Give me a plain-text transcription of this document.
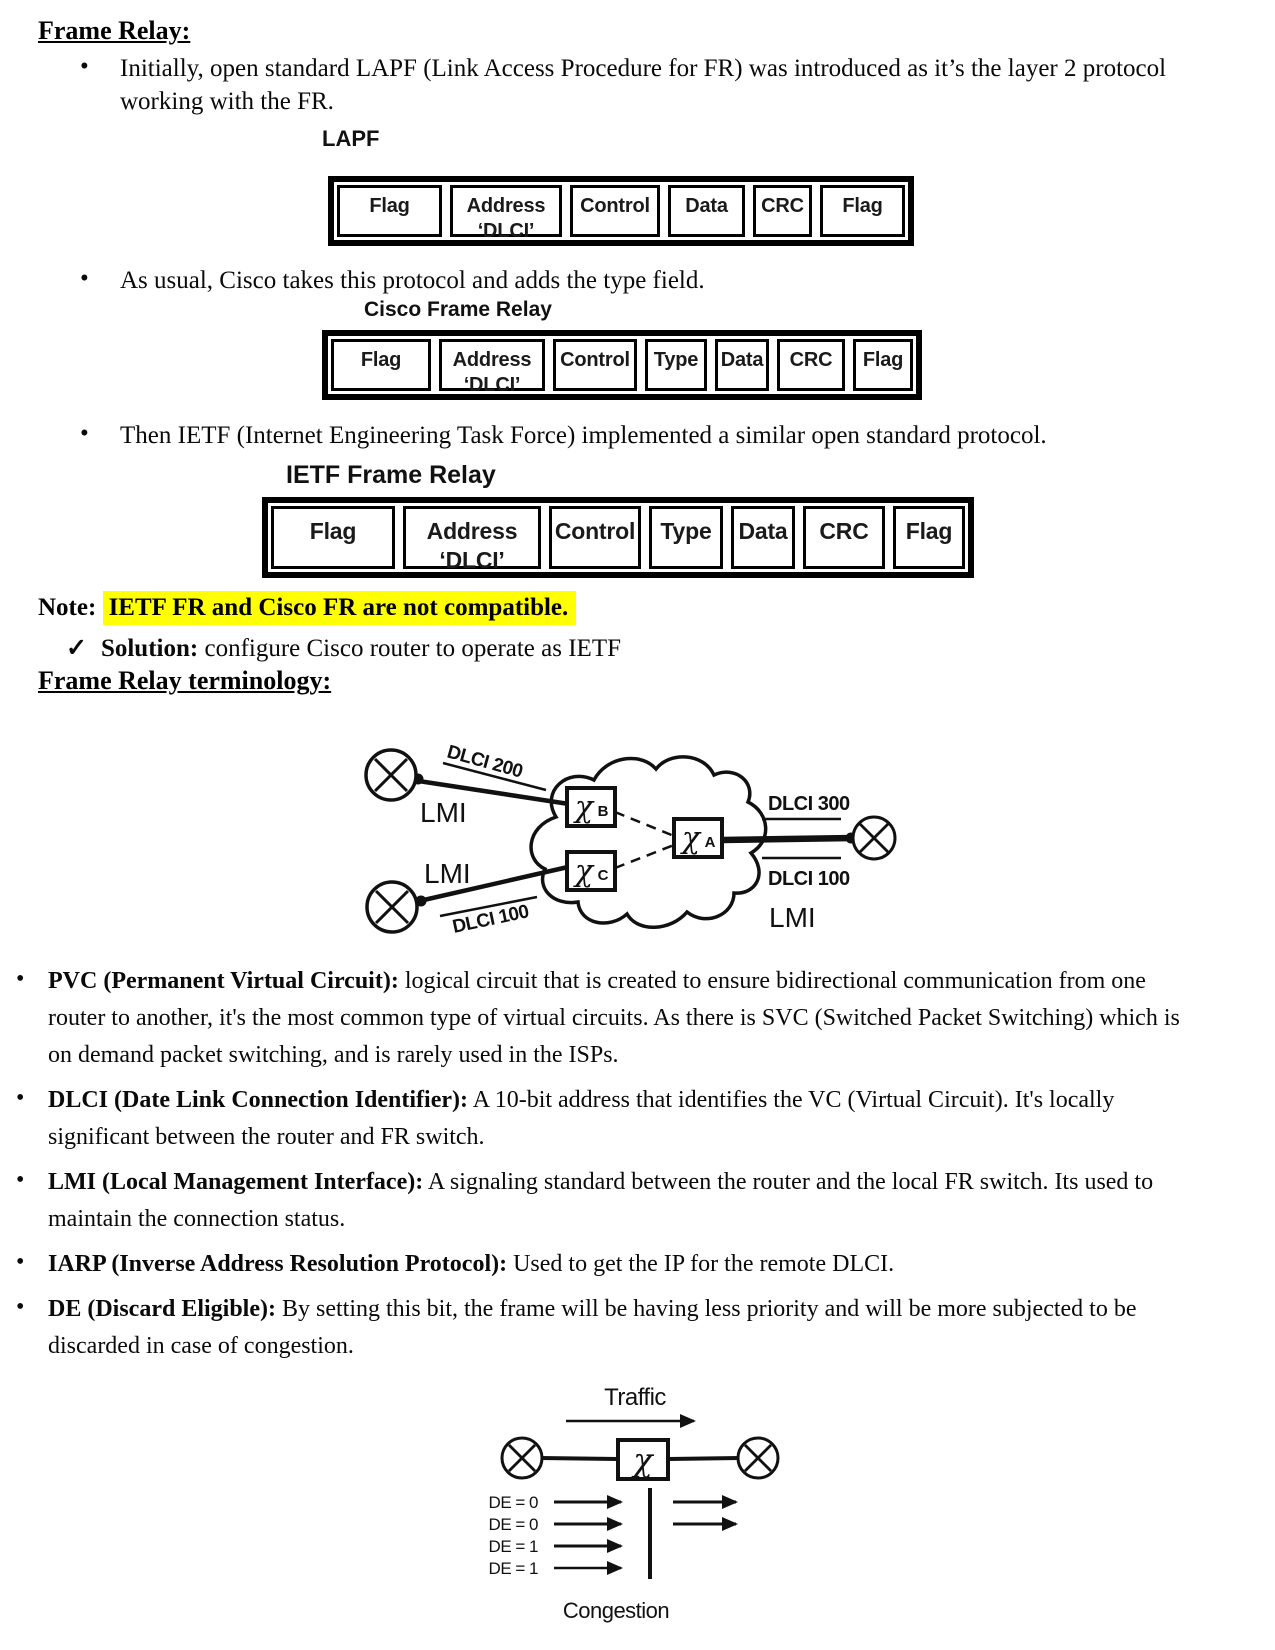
Frame Relay:
•	Initially, open standard LAPF (Link Access Procedure for FR) was introduced as it’s the layer 2 protocol working with the FR.
LAPF
Flag	Address
‘DLCI’
Control Data CRC Flag
•	As usual, Cisco takes this protocol and adds the type field.
Cisco Frame Relay
Flag	Address
‘DLCI’
Control Type Data CRC Flag
•	Then IETF (Internet Engineering Task Force) implemented a similar open standard protocol.
IETF Frame Relay
Flag	Address
‘DLCI’
Control Type Data CRC Flag
Note: IETF FR and Cisco FR are not compatible.
✓ Solution: configure Cisco router to operate as IETF
Frame Relay terminology:
χ B
χ C
χ A
DLCI 200
DLCI 100
LMI
LMI
DLCI 300
DLCI 100
LMI
• PVC (Permanent Virtual Circuit): logical circuit that is created to ensure bidirectional communication from one router to another, it's the most common type of virtual circuits. As there is SVC (Switched Packet Switching) which is on demand packet switching, and is rarely used in the ISPs.
• DLCI (Date Link Connection Identifier): A 10-bit address that identifies the VC (Virtual Circuit). It's locally significant between the router and FR switch.
• LMI (Local Management Interface): A signaling standard between the router and the local FR switch. Its used to maintain the connection status.
• IARP (Inverse Address Resolution Protocol): Used to get the IP for the remote DLCI.
• DE (Discard Eligible): By setting this bit, the frame will be having less priority and will be more subjected to be discarded in case of congestion.
Traffic
χ
DE = 0
DE = 0
DE = 1
DE = 1
Congestion
